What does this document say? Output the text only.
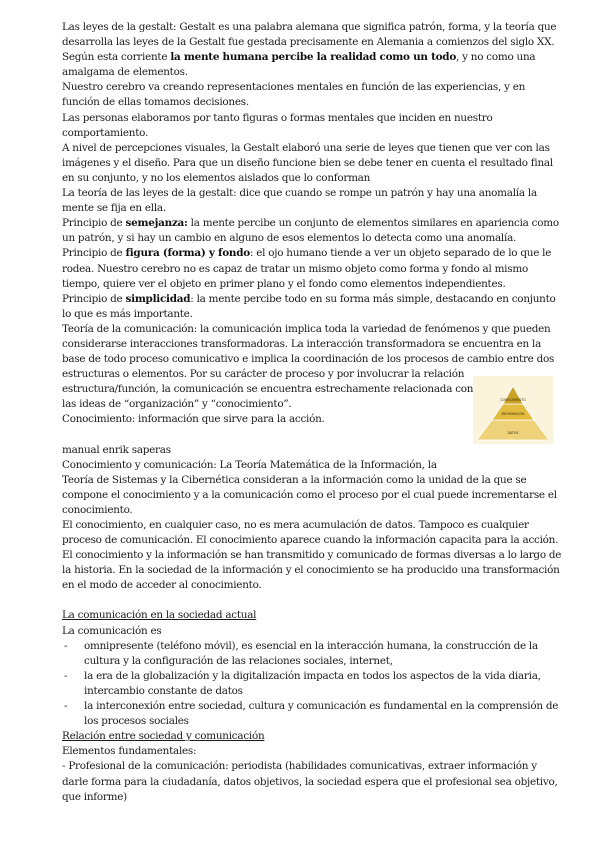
Las leyes de la gestalt: Gestalt es una palabra alemana que significa patrón, forma, y la teoría que desarrolla las leyes de la Gestalt fue gestada precisamente en Alemania a comienzos del siglo XX. Según esta corriente la mente humana percibe la realidad como un todo, y no como una amalgama de elementos.

Nuestro cerebro va creando representaciones mentales en función de las experiencias, y en función de ellas tomamos decisiones.

Las personas elaboramos por tanto figuras o formas mentales que inciden en nuestro comportamiento.

A nivel de percepciones visuales, la Gestalt elaboró una serie de leyes que tienen que ver con las imágenes y el diseño. Para que un diseño funcione bien se debe tener en cuenta el resultado final en su conjunto, y no los elementos aislados que lo conforman

La teoría de las leyes de la gestalt: dice que cuando se rompe un patrón y hay una anomalía la mente se fija en ella.

Principio de semejanza: la mente percibe un conjunto de elementos similares en apariencia como un patrón, y si hay un cambio en alguno de esos elementos lo detecta como una anomalía.

Principio de figura (forma) y fondo: el ojo humano tiende a ver un objeto separado de lo que le rodea. Nuestro cerebro no es capaz de tratar un mismo objeto como forma y fondo al mismo tiempo, quiere ver el objeto en primer plano y el fondo como elementos independientes.

Principio de simplicidad: la mente percibe todo en su forma más simple, destacando en conjunto lo que es más importante.

Teoría de la comunicación: la comunicación implica toda la variedad de fenómenos y que pueden considerarse interacciones transformadoras. La interacción transformadora se encuentra en la base de todo proceso comunicativo e implica la coordinación de los procesos de cambio entre dos estructuras o elementos. Por su carácter de proceso y por involucrar la relación

estructura/función, la comunicación se encuentra estrechamente relacionada con

las ideas de “organización” y “conocimiento”.

Conocimiento: información que sirve para la acción.

manual enrik saperas

Conocimiento y comunicación: La Teoría Matemática de la Información, la

Teoría de Sistemas y la Cibernética consideran a la información como la unidad de la que se compone el conocimiento y a la comunicación como el proceso por el cual puede incrementarse el conocimiento.

El conocimiento, en cualquier caso, no es mera acumulación de datos. Tampoco es cualquier proceso de comunicación. El conocimiento aparece cuando la información capacita para la acción.

El conocimiento y la información se han transmitido y comunicado de formas diversas a lo largo de la historia. En la sociedad de la información y el conocimiento se ha producido una transformación en el modo de acceder al conocimiento.

La comunicación en la sociedad actual

La comunicación es

- omnipresente (teléfono móvil), es esencial en la interacción humana, la construcción de la cultura y la configuración de las relaciones sociales, internet,
- la era de la globalización y la digitalización impacta en todos los aspectos de la vida diaria, intercambio constante de datos
- la interconexión entre sociedad, cultura y comunicación es fundamental en la comprensión de los procesos sociales

Relación entre sociedad y comunicación

Elementos fundamentales:

- Profesional de la comunicación: periodista (habilidades comunicativas, extraer información y darle forma para la ciudadanía, datos objetivos, la sociedad espera que el profesional sea objetivo, que informe)

CONOCIMIENTO
INFORMACIÓN
DATOS
